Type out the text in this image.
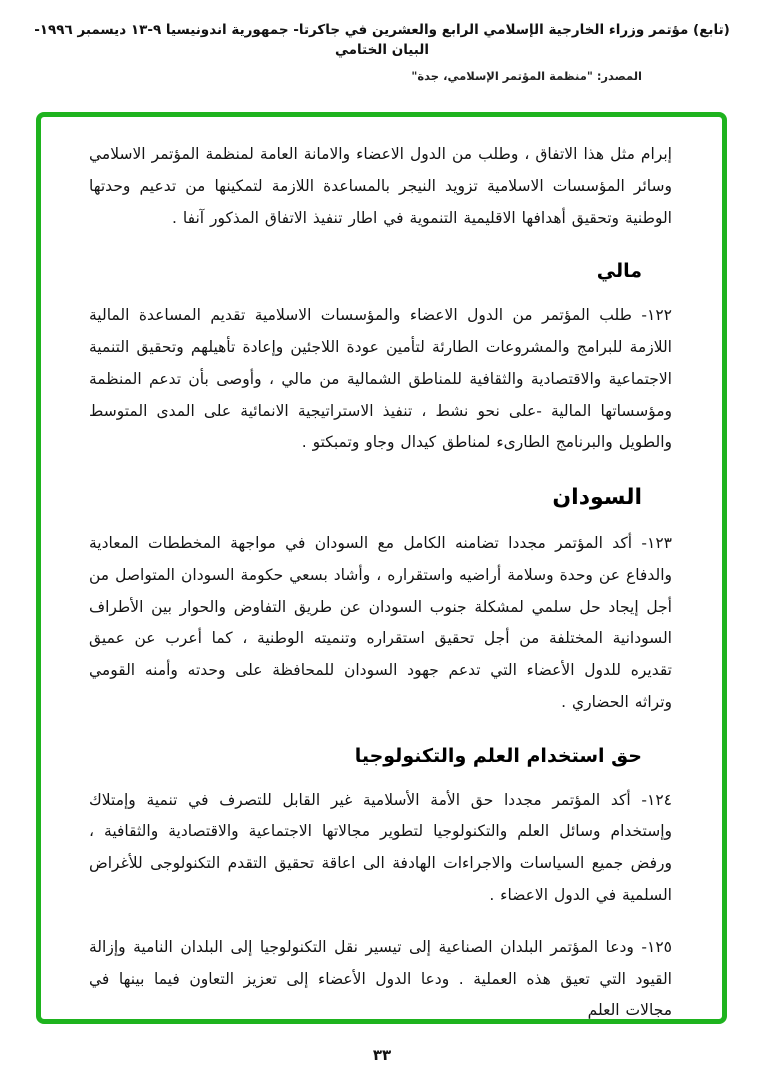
(تابع) مؤتمر وزراء الخارجية الإسلامي الرابع والعشرين في جاكرتا- جمهورية اندونيسيا ٩-١٣ ديسمبر ١٩٩٦-البيان الختامي
المصدر: "منظمة المؤتمر الإسلامي، جدة"

إبرام مثل هذا الاتفاق ، وطلب من الدول الاعضاء والامانة العامة لمنظمة المؤتمر الاسلامي وسائر المؤسسات الاسلامية تزويد النيجر بالمساعدة اللازمة لتمكينها من تدعيم وحدتها الوطنية وتحقيق أهدافها الاقليمية التنموية في اطار تنفيذ الاتفاق المذكور آنفا .

مالي

١٢٢- طلب المؤتمر من الدول الاعضاء والمؤسسات الاسلامية تقديم المساعدة المالية اللازمة للبرامج والمشروعات الطارئة لتأمين عودة اللاجئين وإعادة تأهيلهم وتحقيق التنمية الاجتماعية والاقتصادية والثقافية للمناطق الشمالية من مالي ، وأوصى بأن تدعم المنظمة ومؤسساتها المالية -على نحو نشط ، تنفيذ الاستراتيجية الانمائية على المدى المتوسط والطويل والبرنامج الطارىء لمناطق كيدال وجاو وتمبكتو .

السودان

١٢٣- أكد المؤتمر مجددا تضامنه الكامل مع السودان في مواجهة المخططات المعادية والدفاع عن وحدة وسلامة أراضيه واستقراره ، وأشاد بسعي حكومة السودان المتواصل من أجل إيجاد حل سلمي لمشكلة جنوب السودان عن طريق التفاوض والحوار بين الأطراف السودانية المختلفة من أجل تحقيق استقراره وتنميته الوطنية ، كما أعرب عن عميق تقديره للدول الأعضاء التي تدعم جهود السودان للمحافظة على وحدته وأمنه القومي وتراثه الحضاري .

حق استخدام العلم والتكنولوجيا

١٢٤- أكد المؤتمر مجددا حق الأمة الأسلامية غير القابل للتصرف في تنمية وإمتلاك وإستخدام وسائل العلم والتكنولوجيا لتطوير مجالاتها الاجتماعية والاقتصادية والثقافية ، ورفض جميع السياسات والاجراءات الهادفة الى اعاقة تحقيق التقدم التكنولوجى للأغراض السلمية في الدول الاعضاء .

١٢٥- ودعا المؤتمر البلدان الصناعية إلى تيسير نقل التكنولوجيا إلى البلدان النامية وإزالة القيود التي تعيق هذه العملية . ودعا الدول الأعضاء إلى تعزيز التعاون فيما بينها في مجالات العلم

٣٣
